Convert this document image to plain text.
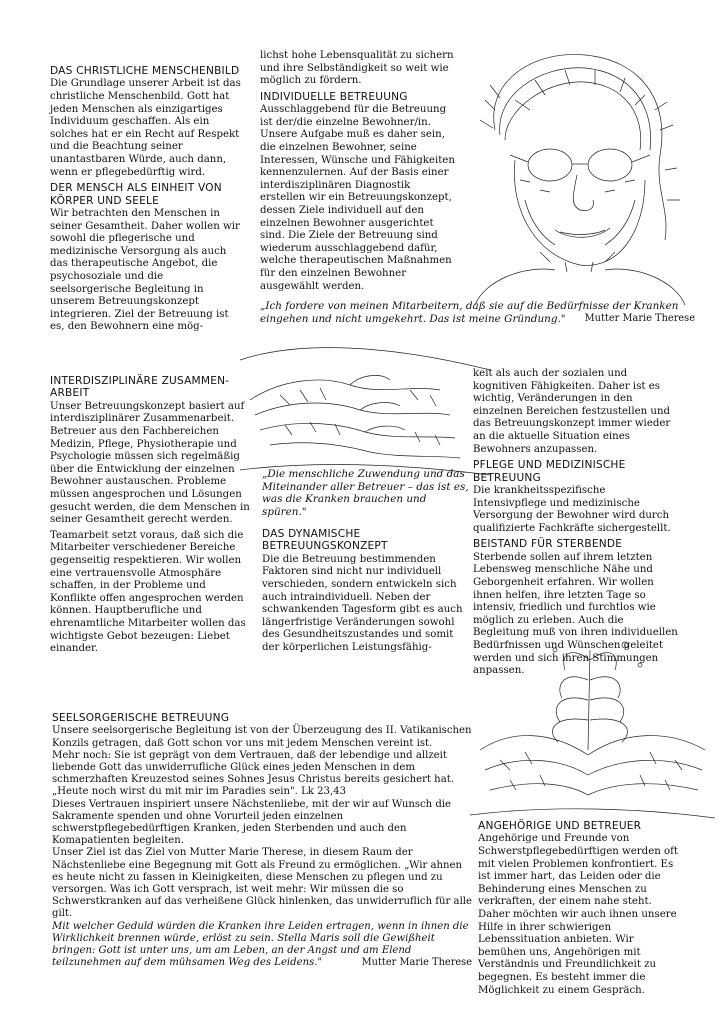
DAS CHRISTLICHE MENSCHENBILD
Die Grundlage unserer Arbeit ist das christliche Menschenbild. Gott hat jeden Menschen als einzigartiges Individuum geschaffen. Als ein solches hat er ein Recht auf Respekt und die Beachtung seiner unantastbaren Würde, auch dann, wenn er pflegebedürftig wird.
DER MENSCH ALS EINHEIT VON KÖRPER UND SEELE
Wir betrachten den Menschen in seiner Gesamtheit. Daher wollen wir sowohl die pflegerische und medizinische Versorgung als auch das therapeutische Angebot, die psychosoziale und die seelsorgerische Begleitung in unserem Betreuungskonzept integrieren. Ziel der Betreuung ist es, den Bewohnern eine mög-
lichst hohe Lebensqualität zu sichern und ihre Selbständigkeit so weit wie möglich zu fördern.
INDIVIDUELLE BETREUUNG
Ausschlaggebend für die Betreuung ist der/die einzelne Bewohner/in. Unsere Aufgabe muß es daher sein, die einzelnen Bewohner, seine Interessen, Wünsche und Fähigkeiten kennenzulernen. Auf der Basis einer interdisziplinären Diagnostik erstellen wir ein Betreuungskonzept, dessen Ziele individuell auf den einzelnen Bewohner ausgerichtet sind. Die Ziele der Betreuung sind wiederum ausschlaggebend dafür, welche therapeutischen Maßnahmen für den einzelnen Bewohner ausgewählt werden.
„Ich fordere von meinen Mitarbeitern, daß sie auf die Bedürfnisse der Kranken eingehen und nicht umgekehrt. Das ist meine Gründung."	Mutter Marie Therese
INTERDISZIPLINÄRE ZUSAMMEN-ARBEIT
Unser Betreuungskonzept basiert auf interdisziplinärer Zusammenarbeit. Betreuer aus den Fachbereichen Medizin, Pflege, Physiotherapie und Psychologie müssen sich regelmäßig über die Entwicklung der einzelnen Bewohner austauschen. Probleme müssen angesprochen und Lösungen gesucht werden, die dem Menschen in seiner Gesamtheit gerecht werden.
Teamarbeit setzt voraus, daß sich die Mitarbeiter verschiedener Bereiche gegenseitig respektieren. Wir wollen eine vertrauensvolle Atmosphäre schaffen, in der Probleme und Konflikte offen angesprochen werden können. Hauptberufliche und ehrenamtliche Mitarbeiter wollen das wichtigste Gebot bezeugen: Liebet einander.
„Die menschliche Zuwendung und das Miteinander aller Betreuer – das ist es, was die Kranken brauchen und spüren."
DAS DYNAMISCHE BETREUUNGSKONZEPT
Die die Betreuung bestimmenden Faktoren sind nicht nur individuell verschieden, sondern entwickeln sich auch intraindividuell. Neben der schwankenden Tagesform gibt es auch längerfristige Veränderungen sowohl des Gesundheitszustandes und somit der körperlichen Leistungsfähig-
keit als auch der sozialen und kognitiven Fähigkeiten. Daher ist es wichtig, Veränderungen in den einzelnen Bereichen festzustellen und das Betreuungskonzept immer wieder an die aktuelle Situation eines Bewohners anzupassen.
PFLEGE UND MEDIZINISCHE BETREUUNG
Die krankheitsspezifische Intensivpflege und medizinische Versorgung der Bewohner wird durch qualifizierte Fachkräfte sichergestellt.
BEISTAND FÜR STERBENDE
Sterbende sollen auf ihrem letzten Lebensweg menschliche Nähe und Geborgenheit erfahren. Wir wollen ihnen helfen, ihre letzten Tage so intensiv, friedlich und furchtlos wie möglich zu erleben. Auch die Begleitung muß von ihren individuellen Bedürfnissen und Wünschen geleitet werden und sich ihren Stimmungen anpassen.
SEELSORGERISCHE BETREUUNG
Unsere seelsorgerische Begleitung ist von der Überzeugung des II. Vatikanischen Konzils getragen, daß Gott schon vor uns mit jedem Menschen vereint ist.
Mehr noch: Sie ist geprägt von dem Vertrauen, daß der lebendige und allzeit liebende Gott das unwiderrufliche Glück eines jeden Menschen in dem schmerzhaften Kreuzestod seines Sohnes Jesus Christus bereits gesichert hat.
„Heute noch wirst du mit mir im Paradies sein". Lk 23,43
Dieses Vertrauen inspiriert unsere Nächstenliebe, mit der wir auf Wunsch die Sakramente spenden und ohne Vorurteil jeden einzelnen schwerstpflegebedürftigen Kranken, jeden Sterbenden und auch den Komapatienten begleiten.
Unser Ziel ist das Ziel von Mutter Marie Therese, in diesem Raum der Nächstenliebe eine Begegnung mit Gott als Freund zu ermöglichen. „Wir ahnen es heute nicht zu fassen in Kleinigkeiten, diese Menschen zu pflegen und zu versorgen. Was ich Gott versprach, ist weit mehr: Wir müssen die so Schwerstkranken auf das verheißene Glück hinlenken, das unwiderruflich für alle gilt.
Mit welcher Geduld würden die Kranken ihre Leiden ertragen, wenn in ihnen die Wirklichkeit brennen würde, erlöst zu sein. Stella Maris soll die Gewißheit bringen: Gott ist unter uns, um am Leben, an der Angst und am Elend teilzunehmen auf dem mühsamen Weg des Leidens."	Mutter Marie Therese
ANGEHÖRIGE UND BETREUER
Angehörige und Freunde von Schwerstpflegebedürftigen werden oft mit vielen Problemen konfrontiert. Es ist immer hart, das Leiden oder die Behinderung eines Menschen zu verkraften, der einem nahe steht. Daher möchten wir auch ihnen unsere Hilfe in ihrer schwierigen Lebenssituation anbieten. Wir bemühen uns, Angehörigen mit Verständnis und Freundlichkeit zu begegnen. Es besteht immer die Möglichkeit zu einem Gespräch.
